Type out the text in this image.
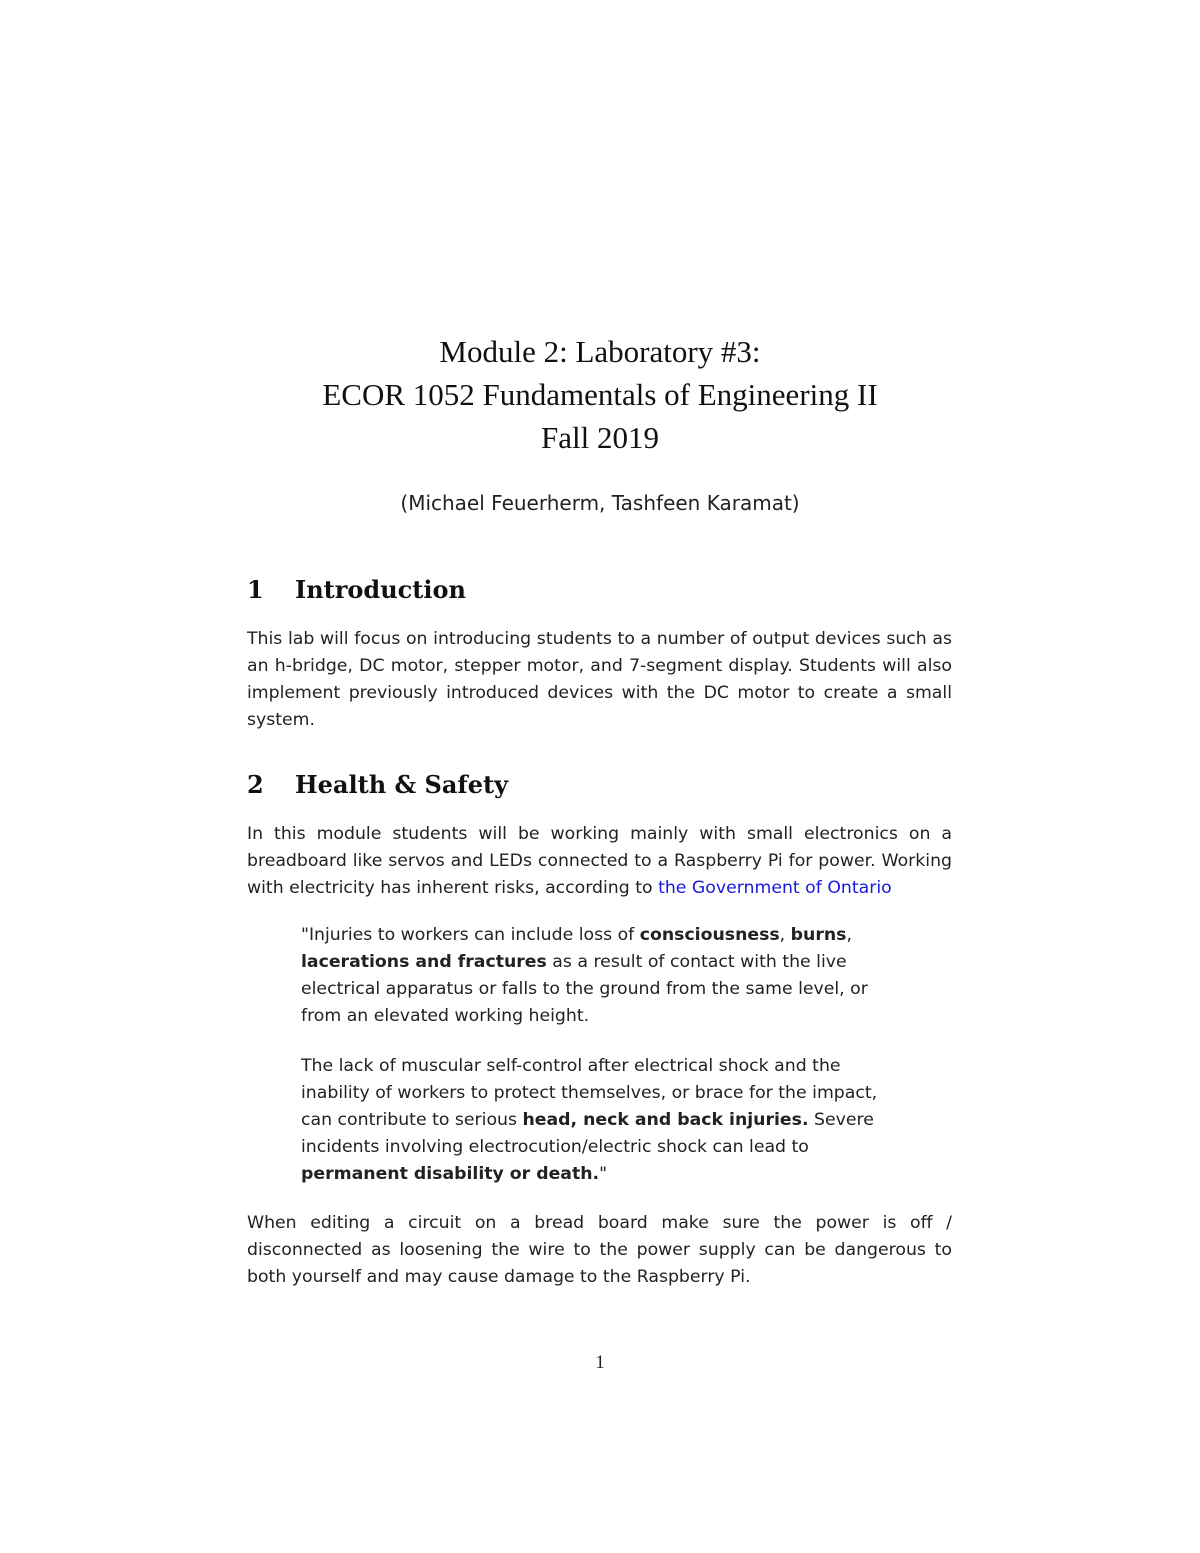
Module 2: Laboratory #3:
ECOR 1052 Fundamentals of Engineering II
Fall 2019
(Michael Feuerherm, Tashfeen Karamat)
1 Introduction

This lab will focus on introducing students to a number of output devices such as an h-bridge, DC motor, stepper motor, and 7-segment display. Students will also implement previously introduced devices with the DC motor to create a small system.

2 Health & Safety

In this module students will be working mainly with small electronics on a breadboard like servos and LEDs connected to a Raspberry Pi for power. Working with electricity has inherent risks, according to the Government of Ontario

"Injuries to workers can include loss of consciousness, burns, lacerations and fractures as a result of contact with the live electrical apparatus or falls to the ground from the same level, or from an elevated working height.

The lack of muscular self-control after electrical shock and the inability of workers to protect themselves, or brace for the impact, can contribute to serious head, neck and back injuries. Severe incidents involving electrocution/electric shock can lead to permanent disability or death."

When editing a circuit on a bread board make sure the power is off / disconnected as loosening the wire to the power supply can be dangerous to both yourself and may cause damage to the Raspberry Pi.

1
